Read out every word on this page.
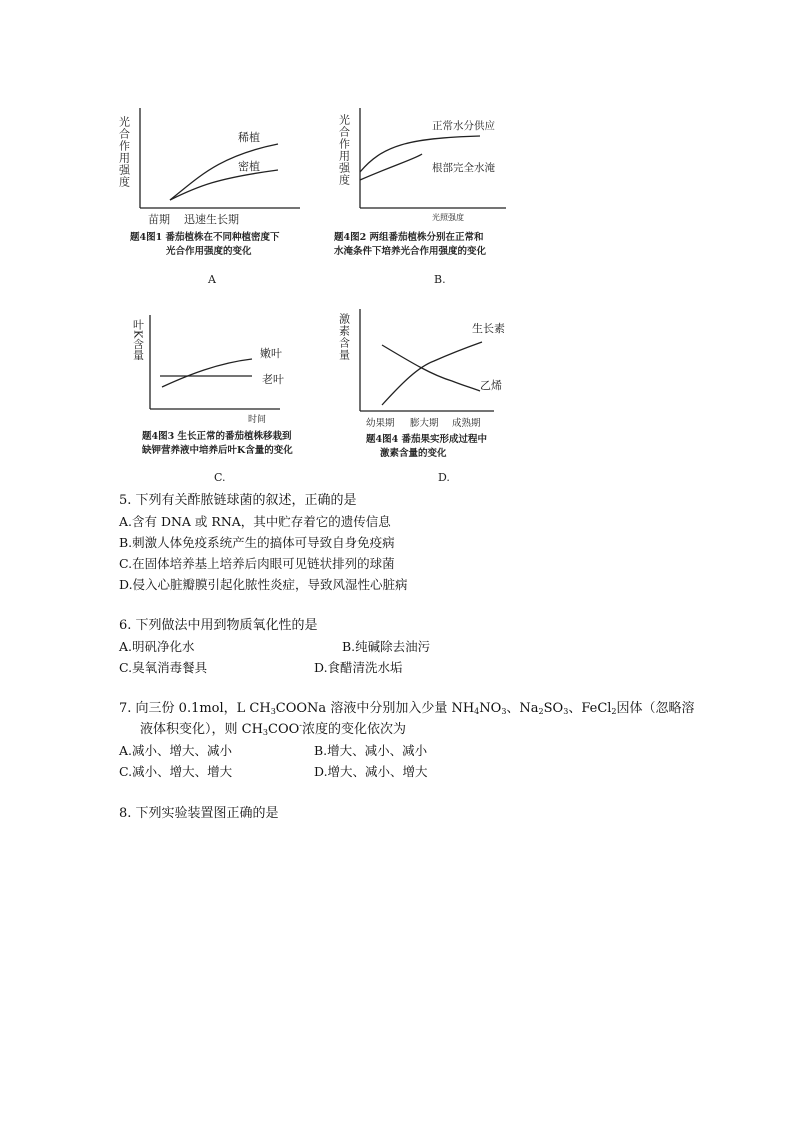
光合作用强度	稀植
密植
苗期 迅速生长期
题4图1 番茄植株在不同种植密度下
光合作用强度的变化
A
光合作用强度	正常水分供应
根部完全水淹
光照强度
题4图2 两组番茄植株分别在正常和
水淹条件下培养光合作用强度的变化
B.
叶K含量	嫩叶
老叶
时间
题4图3 生长正常的番茄植株移栽到
缺钾营养液中培养后叶K含量的变化
C.
激素含量	生长素
乙烯
幼果期 膨大期 成熟期
题4图4 番茄果实形成过程中
激素含量的变化
D.
5. 下列有关酢脓链球菌的叙述，正确的是
A.含有 DNA 或 RNA，其中贮存着它的遗传信息
B.刺激人体免疫系统产生的搞体可导致自身免疫病
C.在固体培养基上培养后肉眼可见链状排列的球菌
D.侵入心脏瓣膜引起化脓性炎症，导致风湿性心脏病
6. 下列做法中用到物质氧化性的是
A.明矾净化水	B.纯碱除去油污
C.臭氧消毒餐具	D.食醋清洗水垢
7. 向三份 0.1mol，L $CH_3COONa$ 溶液中分别加入少量 $NH_4NO_3$、$Na_2SO_3$、FeCl$_2$因体（忽略溶
液体积变化），则 $CH_3COO^-$浓度的变化依次为
A.减小、增大、减小	B.增大、减小、减小
C.减小、增大、增大	D.增大、减小、增大
8. 下列实验装置图正确的是
